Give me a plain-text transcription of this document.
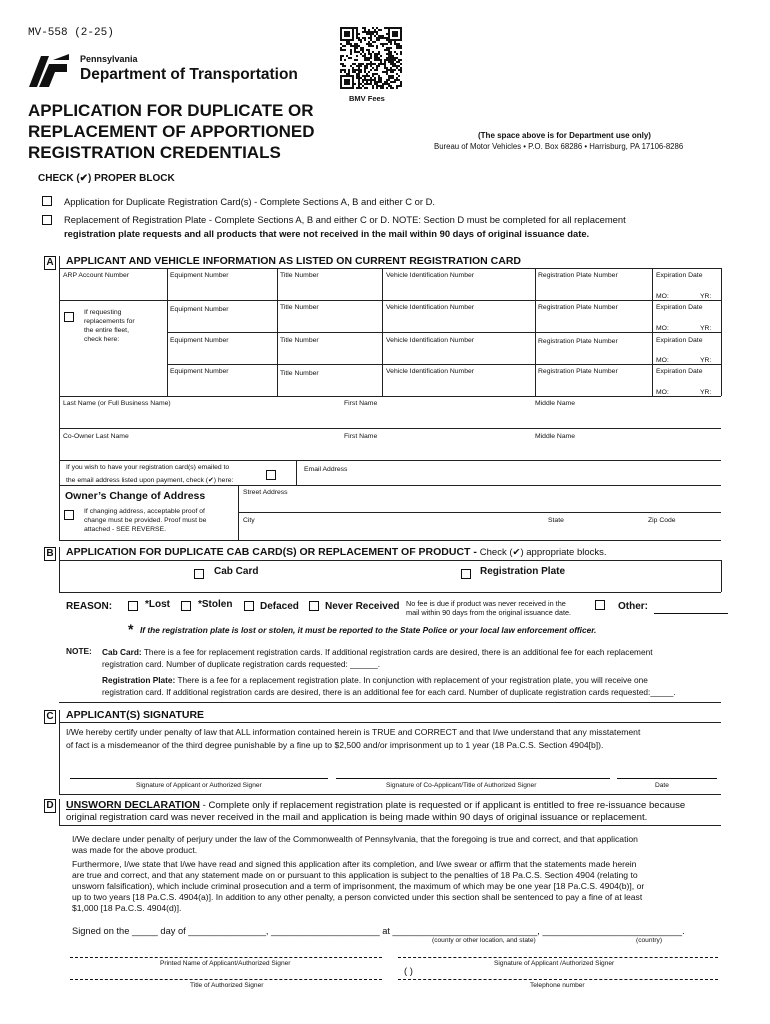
MV-558 (2-25)
Pennsylvania
Department of Transportation
BMV Fees
APPLICATION FOR DUPLICATE OR
REPLACEMENT OF APPORTIONED
REGISTRATION CREDENTIALS
(The space above is for Department use only)
Bureau of Motor Vehicles • P.O. Box 68286 • Harrisburg, PA 17106-8286
CHECK (✔) PROPER BLOCK
Application for Duplicate Registration Card(s) - Complete Sections A, B and either C or D.
Replacement of Registration Plate - Complete Sections A, B and either C or D. NOTE: Section D must be completed for all replacement
registration plate requests and all products that were not received in the mail within 90 days of original issuance date.
A APPLICANT AND VEHICLE INFORMATION AS LISTED ON CURRENT REGISTRATION CARD
ARP Account Number	Equipment Number	Title Number	Vehicle Identification Number	Registration Plate Number	Expiration Date
MO:	YR:
Equipment Number	Title Number	Vehicle Identification Number	Registration Plate Number	Expiration Date
MO:	YR:
Equipment Number	Title Number	Vehicle Identification Number	Registration Plate Number	Expiration Date
MO:	YR:
Equipment Number	Title Number	Vehicle Identification Number	Registration Plate Number	Expiration Date
MO:	YR:
If requesting
replacements for
the entire fleet,
check here:
Last Name (or Full Business Name)	First Name	Middle Name
Co-Owner Last Name	First Name	Middle Name
If you wish to have your registration card(s) emailed to
the email address listed upon payment, check (✔) here:
Email Address
Owner’s Change of Address
If changing address, acceptable proof of
change must be provided. Proof must be
attached - SEE REVERSE.
Street Address
City	State	Zip Code
B APPLICATION FOR DUPLICATE CAB CARD(S) OR REPLACEMENT OF PRODUCT - Check (✔) appropriate blocks.
Cab Card	Registration Plate
REASON:	*Lost	*Stolen	Defaced	Never Received No fee is due if product was never received in the
mail within 90 days from the original issuance date.
Other:
* If the registration plate is lost or stolen, it must be reported to the State Police or your local law enforcement officer.
NOTE: Cab Card: There is a fee for replacement registration cards. If additional registration cards are desired, there is an additional fee for each replacement
registration card. Number of duplicate registration cards requested: ______.
Registration Plate: There is a fee for a replacement registration plate. In conjunction with replacement of your registration plate, you will receive one
registration card. If additional registration cards are desired, there is an additional fee for each card. Number of duplicate registration cards requested:_____.
C APPLICANT(S) SIGNATURE
I/We hereby certify under penalty of law that ALL information contained herein is TRUE and CORRECT and that I/we understand that any misstatement
of fact is a misdemeanor of the third degree punishable by a fine up to $2,500 and/or imprisonment up to 1 year (18 Pa.C.S. Section 4904[b]).
Signature of Applicant or Authorized Signer	Signature of Co-Applicant/Title of Authorized Signer	Date
D UNSWORN DECLARATION - Complete only if replacement registration plate is requested or if applicant is entitled to free re-issuance because
original registration card was never received in the mail and application is being made within 90 days of original issuance or replacement.
I/We declare under penalty of perjury under the law of the Commonwealth of Pennsylvania, that the foregoing is true and correct, and that application
was made for the above product.
Furthermore, I/we state that I/we have read and signed this application after its completion, and I/we swear or affirm that the statements made herein
are true and correct, and that any statement made on or pursuant to this application is subject to the penalties of 18 Pa.C.S. Section 4904 (relating to
unsworn falsification), which include criminal prosecution and a term of imprisonment, the maximum of which may be one year [18 Pa.C.S. 4904(b)], or
up to two years [18 Pa.C.S. 4904(a)]. In addition to any other penalty, a person convicted under this section shall be sentenced to pay a fine of at least
$1,000 [18 Pa.C.S. 4904(d)].
Signed on the _____ day of _______________, _____________________ at ____________________________, ___________________________.
(county or other location, and state)	(country)
Printed Name of Applicant/Authorized Signer	Signature of Applicant /Authorized Signer
( )
Title of Authorized Signer	Telephone number
